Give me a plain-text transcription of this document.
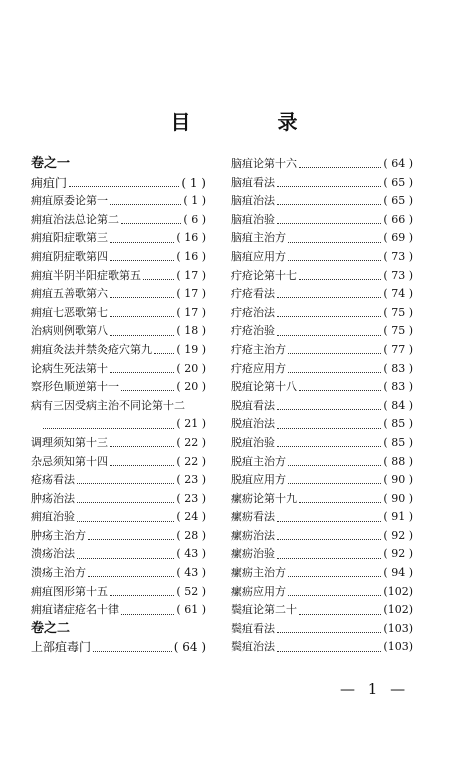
目 录
卷之一
痈疽门	( 1 )
痈疽原委论第一	( 1 )
痈疽治法总论第二	( 6 )
痈疽阳症歌第三	( 16 )
痈疽阴症歌第四	( 16 )
痈疽半阴半阳症歌第五	( 17 )
痈疽五善歌第六	( 17 )
痈疽七恶歌第七	( 17 )
治病则例歌第八	( 18 )
痈疽灸法并禁灸疮穴第九 ( 19 )
论病生死法第十	( 20 )
察形色顺逆第十一	( 20 )
病有三因受病主治不同论第十二
( 21 )
调理须知第十三	( 22 )
杂忌须知第十四	( 22 )
疮疡看法	( 23 )
肿疡治法	( 23 )
痈疽治验	( 24 )
肿疡主治方	( 28 )
溃疡治法	( 43 )
溃疡主治方	( 43 )
痈疽图形第十五	( 52 )
痈疽诸症疮名十律	( 61 )
卷之二
上部疽毒门	( 64 )
脑疽论第十六	( 64 )
脑疽看法	( 65 )
脑疽治法	( 65 )
脑疽治验	( 66 )
脑疽主治方	( 69 )
脑疽应用方	( 73 )
疔疮论第十七	( 73 )
疔疮看法	( 74 )
疔疮治法	( 75 )
疔疮治验	( 75 )
疔疮主治方	( 77 )
疔疮应用方	( 83 )
脱疽论第十八	( 83 )
脱疽看法	( 84 )
脱疽治法	( 85 )
脱疽治验	( 85 )
脱疽主治方	( 88 )
脱疽应用方	( 90 )
瘰疬论第十九	( 90 )
瘰疬看法	( 91 )
瘰疬治法	( 92 )
瘰疬治验	( 92 )
瘰疬主治方	( 94 )
瘰疬应用方	(102)
鬓疽论第二十	(102)
鬓疽看法	(103)
鬓疽治法	(103)
— 1 —
